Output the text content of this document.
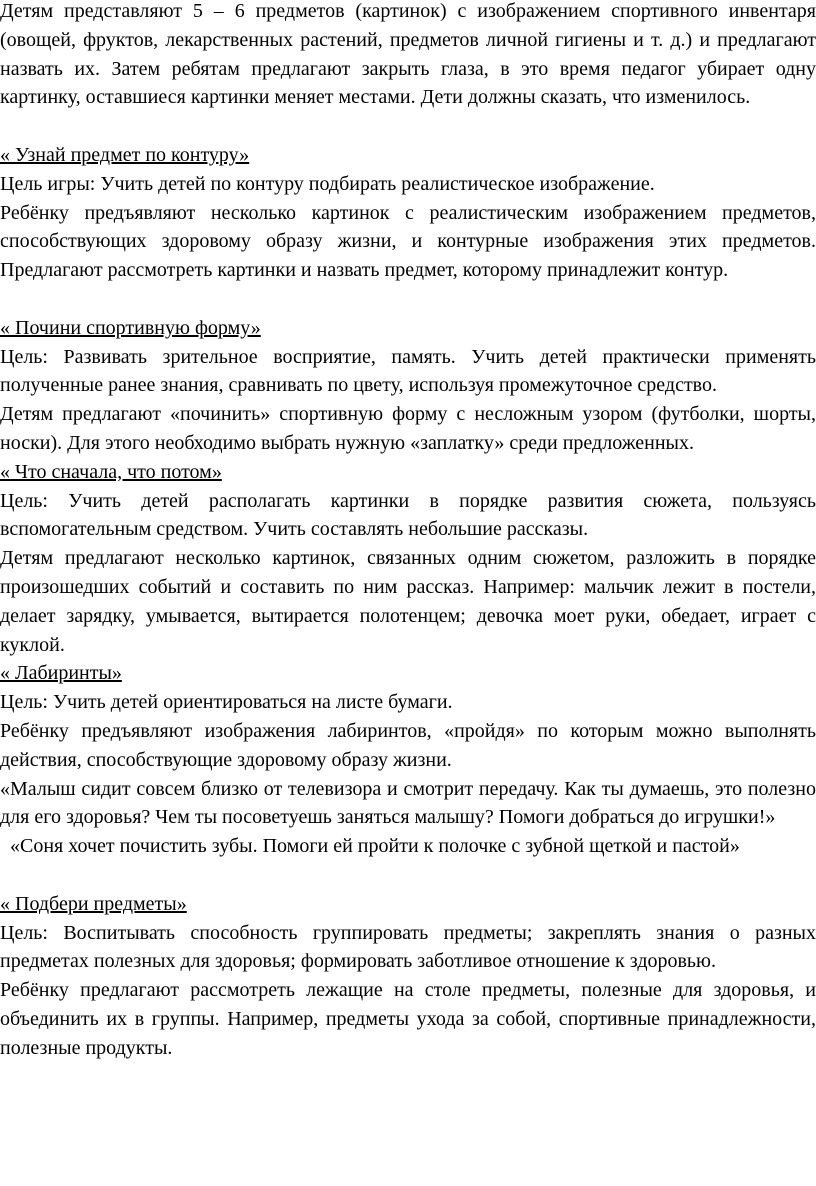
Детям представляют 5 – 6 предметов (картинок) с изображением спортивного инвентаря (овощей, фруктов, лекарственных растений, предметов личной гигиены и т. д.) и предлагают назвать их. Затем ребятам предлагают закрыть глаза, в это время педагог убирает одну картинку, оставшиеся картинки меняет местами. Дети должны сказать, что изменилось.

« Узнай предмет по контуру»

Цель игры: Учить детей по контуру подбирать реалистическое изображение.

Ребёнку предъявляют несколько картинок с реалистическим изображением предметов, способствующих здоровому образу жизни, и контурные изображения этих предметов. Предлагают рассмотреть картинки и назвать предмет, которому принадлежит контур.

« Почини спортивную форму»

Цель: Развивать зрительное восприятие, память. Учить детей практически применять полученные ранее знания, сравнивать по цвету, используя промежуточное средство.

Детям предлагают «починить» спортивную форму с несложным узором (футболки, шорты, носки). Для этого необходимо выбрать нужную «заплатку» среди предложенных.

« Что сначала, что потом»

Цель: Учить детей располагать картинки в порядке развития сюжета, пользуясь вспомогательным средством. Учить составлять небольшие рассказы.

Детям предлагают несколько картинок, связанных одним сюжетом, разложить в порядке произошедших событий и составить по ним рассказ. Например: мальчик лежит в постели, делает зарядку, умывается, вытирается полотенцем; девочка моет руки, обедает, играет с куклой.

« Лабиринты»

Цель: Учить детей ориентироваться на листе бумаги.

Ребёнку предъявляют изображения лабиринтов, «пройдя» по которым можно выполнять действия, способствующие здоровому образу жизни.

«Малыш сидит совсем близко от телевизора и смотрит передачу. Как ты думаешь, это полезно для его здоровья? Чем ты посоветуешь заняться малышу? Помоги добраться до игрушки!»

«Соня хочет почистить зубы. Помоги ей пройти к полочке с зубной щеткой и пастой»

« Подбери предметы»

Цель: Воспитывать способность группировать предметы; закреплять знания о разных предметах полезных для здоровья; формировать заботливое отношение к здоровью.

Ребёнку предлагают рассмотреть лежащие на столе предметы, полезные для здоровья, и объединить их в группы. Например, предметы ухода за собой, спортивные принадлежности, полезные продукты.
